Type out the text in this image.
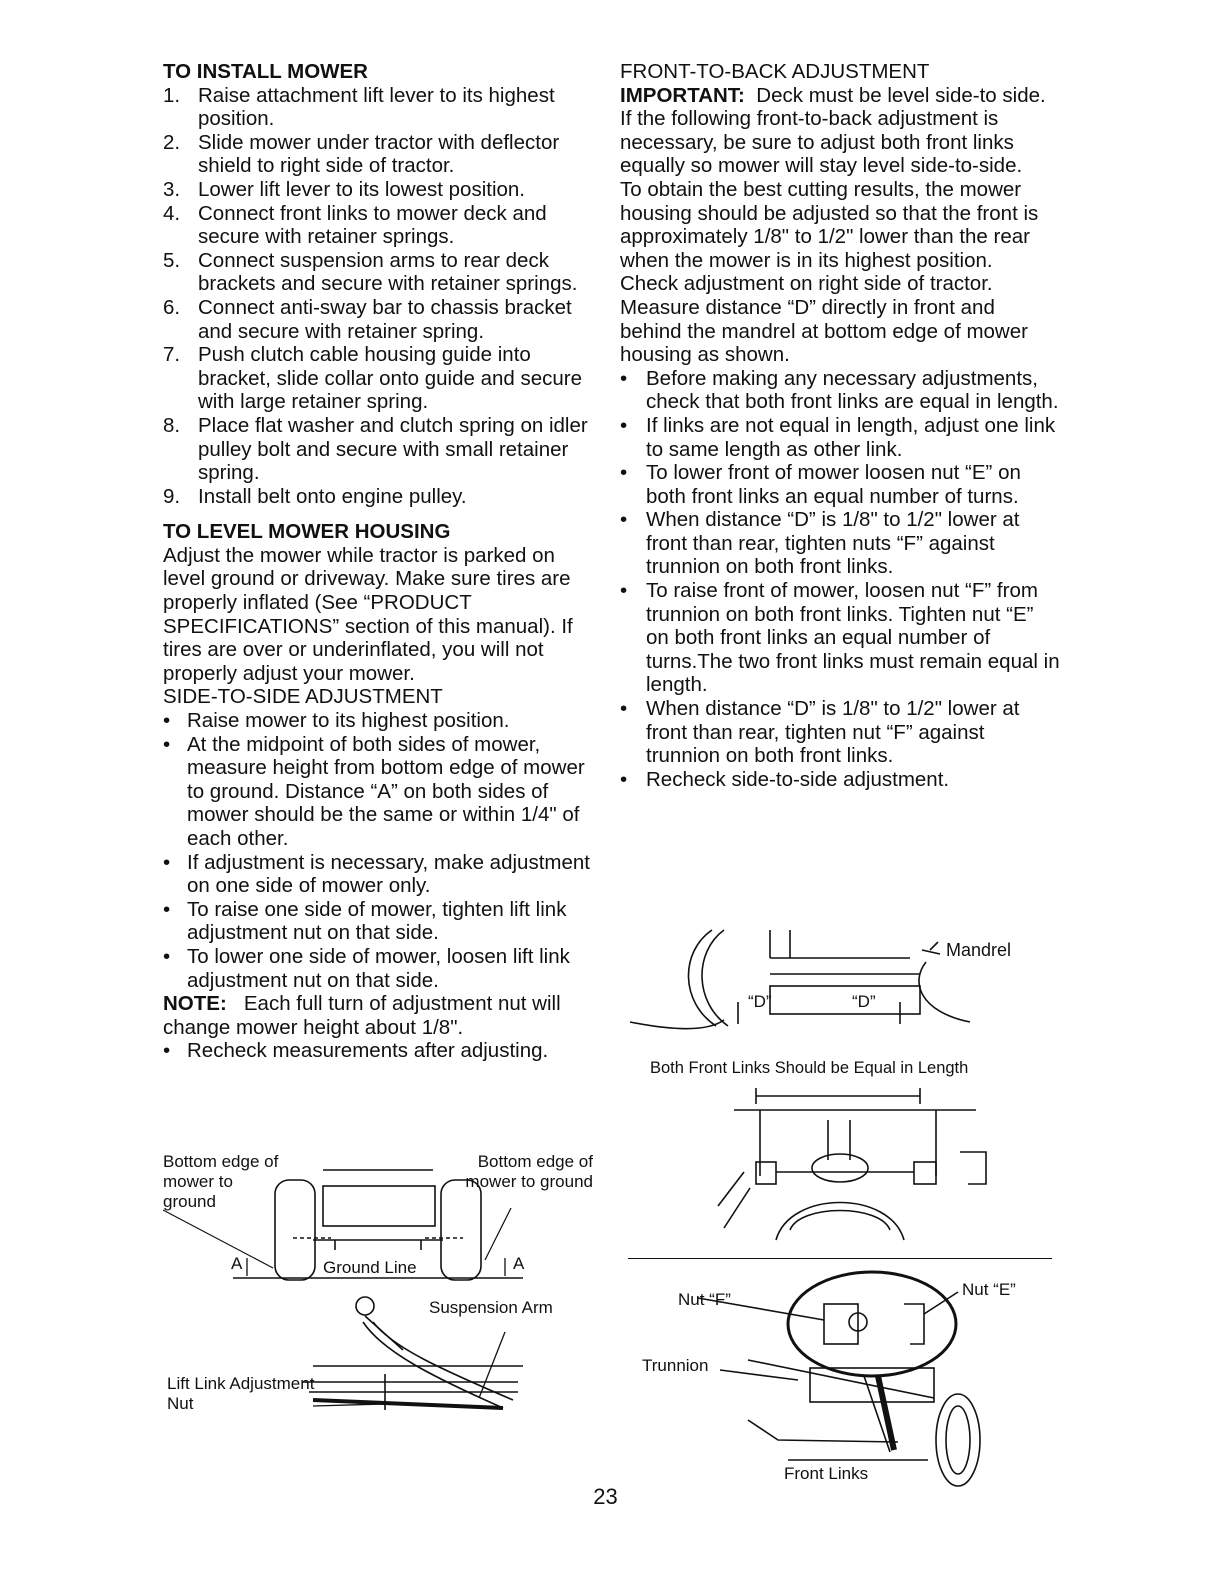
TO INSTALL MOWER
1. Raise attachment lift lever to its highest position.
2. Slide mower under tractor with deflector shield to right side of tractor.
3. Lower lift lever to its lowest position.
4. Connect front links to mower deck and secure with retainer springs.
5. Connect suspension arms to rear deck brackets and secure with retainer springs.
6. Connect anti-sway bar to chassis bracket and secure with retainer spring.
7. Push clutch cable housing guide into bracket, slide collar onto guide and secure with large retainer spring.
8. Place flat washer and clutch spring on idler pulley bolt and secure with small retainer spring.
9. Install belt onto engine pulley.
TO LEVEL MOWER HOUSING

Adjust the mower while tractor is parked on level ground or driveway. Make sure tires are properly inflated (See “PRODUCT SPECIFICATIONS” section of this manual). If tires are over or underinflated, you will not properly adjust your mower.

SIDE-TO-SIDE ADJUSTMENT

• Raise mower to its highest position.
• At the midpoint of both sides of mower, measure height from bottom edge of mower to ground. Distance “A” on both sides of mower should be the same or within 1/4" of each other.
• If adjustment is necessary, make adjustment on one side of mower only.
• To raise one side of mower, tighten lift link adjustment nut on that side.
• To lower one side of mower, loosen lift link adjustment nut on that side.

NOTE: Each full turn of adjustment nut will change mower height about 1/8".

• Recheck measurements after adjusting.

FRONT-TO-BACK ADJUSTMENT

IMPORTANT: Deck must be level side-to side. If the following front-to-back adjustment is necessary, be sure to adjust both front links equally so mower will stay level side-to-side.

To obtain the best cutting results, the mower housing should be adjusted so that the front is approximately 1/8" to 1/2" lower than the rear when the mower is in its highest position.

Check adjustment on right side of tractor. Measure distance “D” directly in front and behind the mandrel at bottom edge of mower housing as shown.

• Before making any necessary adjustments, check that both front links are equal in length.
• If links are not equal in length, adjust one link to same length as other link.
• To lower front of mower loosen nut “E” on both front links an equal number of turns.
• When distance “D” is 1/8" to 1/2" lower at front than rear, tighten nuts “F” against trunnion on both front links.
• To raise front of mower, loosen nut “F” from trunnion on both front links. Tighten nut “E” on both front links an equal number of turns.The two front links must remain equal in length.
• When distance “D” is 1/8" to 1/2" lower at front than rear, tighten nut “F” against trunnion on both front links.
• Recheck side-to-side adjustment.
Bottom edge of mower to ground
Bottom edge of mower to ground
Ground Line
A	A
Suspension Arm
Lift Link Adjustment Nut
Mandrel
“D”	“D”
Both Front Links Should be Equal in Length
Nut “F”
Nut “E”
Trunnion
Front Links
23
